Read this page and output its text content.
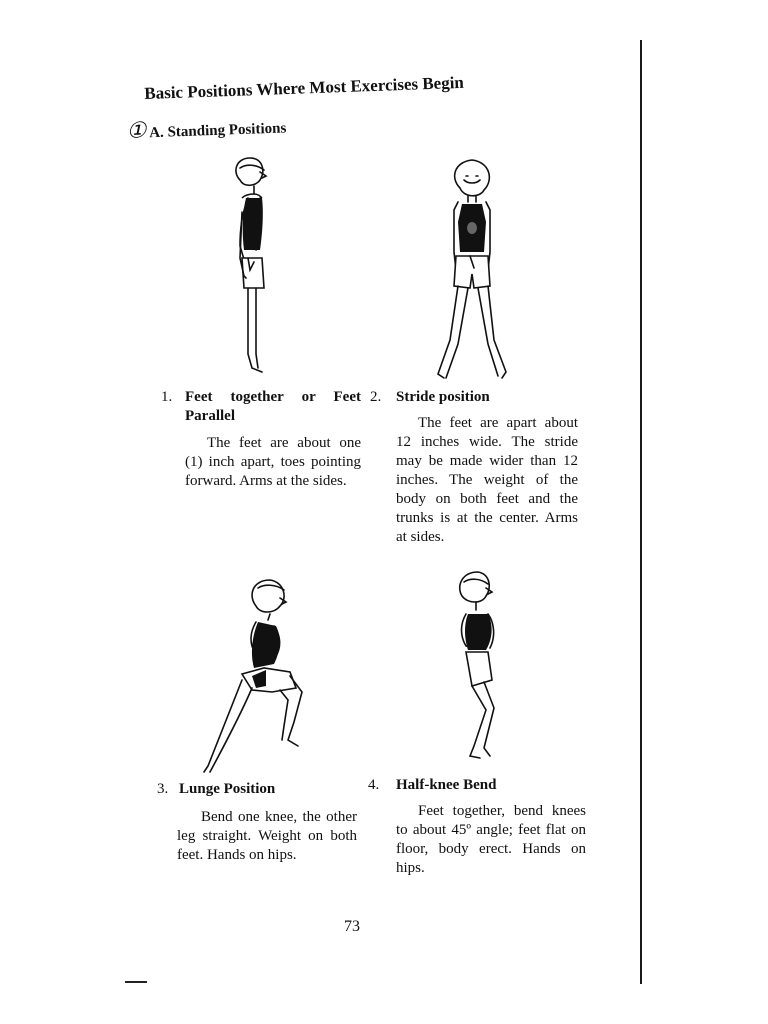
Basic Positions Where Most Exercises Begin
① A. Standing Positions
1. Feet together or Feet Parallel
The feet are about one (1) inch apart, toes pointing forward. Arms at the sides.
2. Stride position
The feet are apart about 12 inches wide. The stride may be made wider than 12 inches. The weight of the body on both feet and the trunks is at the center. Arms at sides.
3. Lunge Position
Bend one knee, the other leg straight. Weight on both feet. Hands on hips.
4. Half-knee Bend
Feet together, bend knees to about 45º angle; feet flat on floor, body erect. Hands on hips.
73
